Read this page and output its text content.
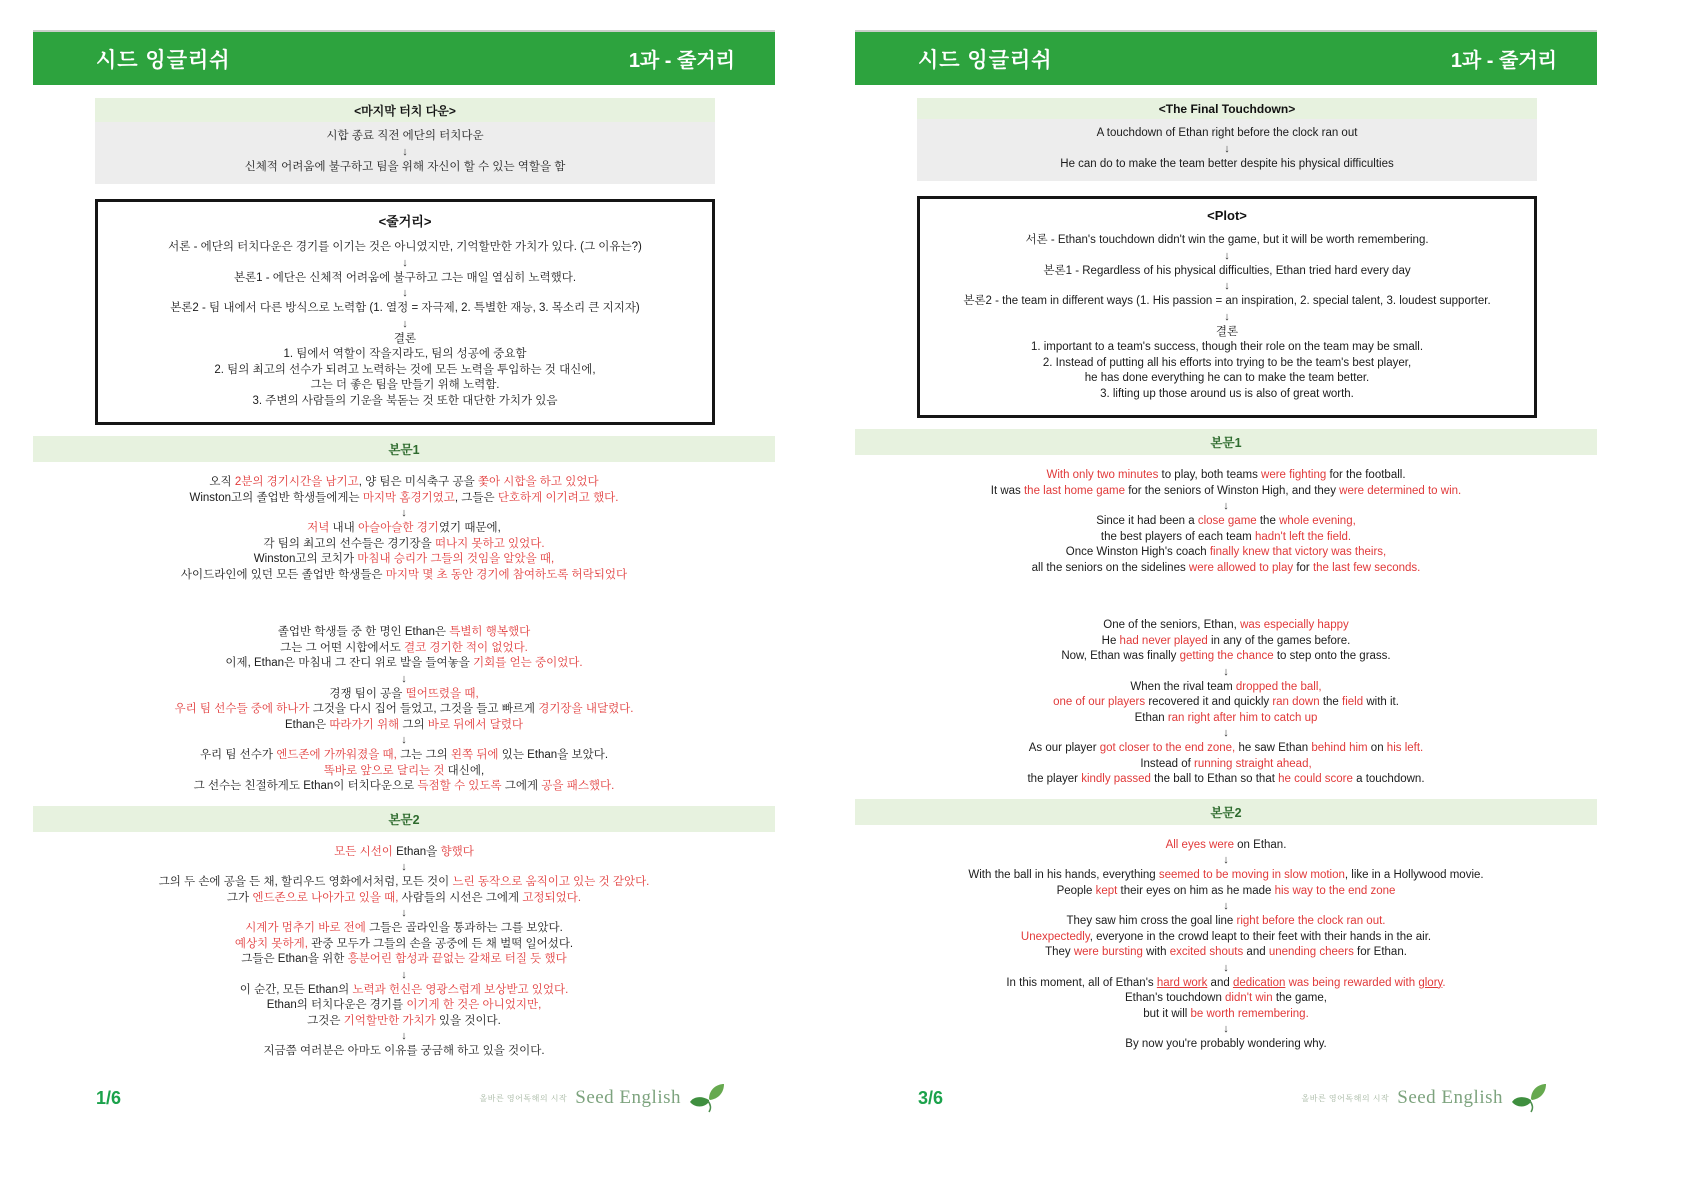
시드 잉글리쉬	1과 - 줄거리
<마지막 터치 다운>
시합 종료 직전 에단의 터치다운
↓
신체적 어려움에 불구하고 팀을 위해 자신이 할 수 있는 역할을 함
<줄거리>
서론 - 에단의 터치다운은 경기를 이기는 것은 아니였지만, 기억할만한 가치가 있다. (그 이유는?)
↓
본론1 - 에단은 신체적 어려움에 불구하고 그는 매일 열심히 노력했다.
↓
본론2 - 팀 내에서 다른 방식으로 노력함 (1. 열정 = 자극제, 2. 특별한 재능, 3. 목소리 큰 지지자)
↓
결론
1. 팀에서 역할이 작을지라도, 팀의 성공에 중요함
2. 팀의 최고의 선수가 되려고 노력하는 것에 모든 노력을 투입하는 것 대신에,
그는 더 좋은 팀을 만들기 위해 노력함.
3. 주변의 사람들의 기운을 북돋는 것 또한 대단한 가치가 있음
본문1
오직 2분의 경기시간을 남기고, 양 팀은 미식축구 공을 쫓아 시합을 하고 있었다
Winston고의 졸업반 학생들에게는 마지막 홈경기였고, 그들은 단호하게 이기려고 했다.
↓
저녁 내내 아슬아슬한 경기였기 때문에,
각 팀의 최고의 선수들은 경기장을 떠나지 못하고 있었다.
Winston고의 코치가 마침내 승리가 그들의 것임을 알았을 때,
사이드라인에 있던 모든 졸업반 학생들은 마지막 몇 초 동안 경기에 참여하도록 허락되었다
졸업반 학생들 중 한 명인 Ethan은 특별히 행복했다
그는 그 어떤 시합에서도 결코 경기한 적이 없었다.
이제, Ethan은 마침내 그 잔디 위로 발을 들여놓을 기회를 얻는 중이었다.
↓
경쟁 팀이 공을 떨어뜨렸을 때,
우리 팀 선수들 중에 하나가 그것을 다시 집어 들었고, 그것을 들고 빠르게 경기장을 내달렸다.
Ethan은 따라가기 위해 그의 바로 뒤에서 달렸다
↓
우리 팀 선수가 엔드존에 가까워졌을 때, 그는 그의 왼쪽 뒤에 있는 Ethan을 보았다.
똑바로 앞으로 달리는 것 대신에,
그 선수는 친절하게도 Ethan이 터치다운으로 득점할 수 있도록 그에게 공을 패스했다.
본문2
모든 시선이 Ethan을 향했다
↓
그의 두 손에 공을 든 채, 할리우드 영화에서처럼, 모든 것이 느린 동작으로 움직이고 있는 것 같았다.
그가 엔드존으로 나아가고 있을 때, 사람들의 시선은 그에게 고정되었다.
↓
시계가 멈추기 바로 전에 그들은 골라인을 통과하는 그를 보았다.
예상치 못하게, 관중 모두가 그들의 손을 공중에 든 채 벌떡 일어섰다.
그들은 Ethan을 위한 흥분어린 함성과 끝없는 갈채로 터질 듯 했다
↓
이 순간, 모든 Ethan의 노력과 헌신은 영광스럽게 보상받고 있었다.
Ethan의 터치다운은 경기를 이기게 한 것은 아니었지만,
그것은 기억할만한 가치가 있을 것이다.
↓
지금쯤 여러분은 아마도 이유를 궁금해 하고 있을 것이다.
1/6	올바른 영어독해의 시작 Seed English
시드 잉글리쉬	1과 - 줄거리
<The Final Touchdown>
A touchdown of Ethan right before the clock ran out
↓
He can do to make the team better despite his physical difficulties
<Plot>
서론 - Ethan's touchdown didn't win the game, but it will be worth remembering.
↓
본론1 - Regardless of his physical difficulties, Ethan tried hard every day
↓
본론2 - the team in different ways (1. His passion = an inspiration, 2. special talent, 3. loudest supporter.
↓
결론
1. important to a team's success, though their role on the team may be small.
2. Instead of putting all his efforts into trying to be the team's best player,
he has done everything he can to make the team better.
3. lifting up those around us is also of great worth.
본문1
With only two minutes to play, both teams were fighting for the football.
It was the last home game for the seniors of Winston High, and they were determined to win.
↓
Since it had been a close game the whole evening,
the best players of each team hadn't left the field.
Once Winston High's coach finally knew that victory was theirs,
all the seniors on the sidelines were allowed to play for the last few seconds.
One of the seniors, Ethan, was especially happy
He had never played in any of the games before.
Now, Ethan was finally getting the chance to step onto the grass.
↓
When the rival team dropped the ball,
one of our players recovered it and quickly ran down the field with it.
Ethan ran right after him to catch up
↓
As our player got closer to the end zone, he saw Ethan behind him on his left.
Instead of running straight ahead,
the player kindly passed the ball to Ethan so that he could score a touchdown.
본문2
All eyes were on Ethan.
↓
With the ball in his hands, everything seemed to be moving in slow motion, like in a Hollywood movie.
People kept their eyes on him as he made his way to the end zone
↓
They saw him cross the goal line right before the clock ran out.
Unexpectedly, everyone in the crowd leapt to their feet with their hands in the air.
They were bursting with excited shouts and unending cheers for Ethan.
↓
In this moment, all of Ethan's hard work and dedication was being rewarded with glory.
Ethan's touchdown didn't win the game,
but it will be worth remembering.
↓
By now you're probably wondering why.
3/6	올바른 영어독해의 시작 Seed English
